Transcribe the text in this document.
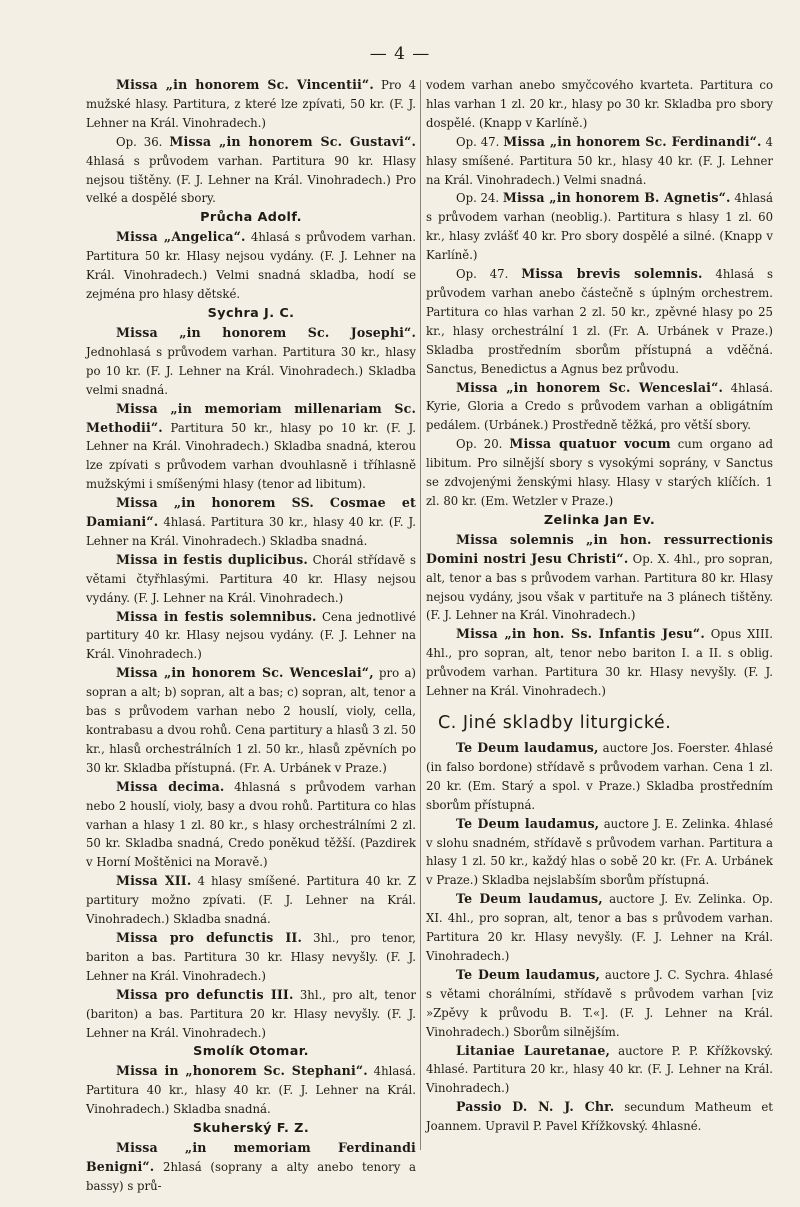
— 4 —

Missa „in honorem Sc. Vincentii“. Pro 4 mužské hlasy. Partitura, z které lze zpívati, 50 kr. (F. J. Lehner na Král. Vinohradech.)

Op. 36. Missa „in honorem Sc. Gustavi“. 4hlasá s průvodem varhan. Partitura 90 kr. Hlasy nejsou tištěny. (F. J. Lehner na Král. Vinohradech.) Pro velké a dospělé sbory.

Průcha Adolf.

Missa „Angelica“. 4hlasá s průvodem varhan. Partitura 50 kr. Hlasy nejsou vydány. (F. J. Lehner na Král. Vinohradech.) Velmi snadná skladba, hodí se zejména pro hlasy dětské.

Sychra J. C.

Missa „in honorem Sc. Josephi“. Jednohlasá s průvodem varhan. Partitura 30 kr., hlasy po 10 kr. (F. J. Lehner na Král. Vinohradech.) Skladba velmi snadná.

Missa „in memoriam millenariam Sc. Methodii“. Partitura 50 kr., hlasy po 10 kr. (F. J. Lehner na Král. Vinohradech.) Skladba snadná, kterou lze zpívati s průvodem varhan dvouhlasně i tříhlasně mužskými i smíšenými hlasy (tenor ad libitum).

Missa „in honorem SS. Cosmae et Damiani“. 4hlasá. Partitura 30 kr., hlasy 40 kr. (F. J. Lehner na Král. Vinohradech.) Skladba snadná.

Missa in festis duplicibus. Chorál střídavě s větami čtyřhlasými. Partitura 40 kr. Hlasy nejsou vydány. (F. J. Lehner na Král. Vinohradech.)

Missa in festis solemnibus. Cena jednotlivé partitury 40 kr. Hlasy nejsou vydány. (F. J. Lehner na Král. Vinohradech.)

Missa „in honorem Sc. Wenceslai“, pro a) sopran a alt; b) sopran, alt a bas; c) sopran, alt, tenor a bas s průvodem varhan nebo 2 houslí, violy, cella, kontrabasu a dvou rohů. Cena partitury a hlasů 3 zl. 50 kr., hlasů orchestrálních 1 zl. 50 kr., hlasů zpěvních po 30 kr. Skladba přístupná. (Fr. A. Urbánek v Praze.)

Missa decima. 4hlasná s průvodem varhan nebo 2 houslí, violy, basy a dvou rohů. Partitura co hlas varhan a hlasy 1 zl. 80 kr., s hlasy orchestrálními 2 zl. 50 kr. Skladba snadná, Credo poněkud těžší. (Pazdirek v Horní Moštěnici na Moravě.)

Missa XII. 4 hlasy smíšené. Partitura 40 kr. Z partitury možno zpívati. (F. J. Lehner na Král. Vinohradech.) Skladba snadná.

Missa pro defunctis II. 3hl., pro tenor, bariton a bas. Partitura 30 kr. Hlasy nevyšly. (F. J. Lehner na Král. Vinohradech.)

Missa pro defunctis III. 3hl., pro alt, tenor (bariton) a bas. Partitura 20 kr. Hlasy nevyšly. (F. J. Lehner na Král. Vinohradech.)

Smolík Otomar.

Missa in „honorem Sc. Stephani“. 4hlasá. Partitura 40 kr., hlasy 40 kr. (F. J. Lehner na Král. Vinohradech.) Skladba snadná.

Skuherský F. Z.

Missa „in memoriam Ferdinandi Benigni“. 2hlasá (soprany a alty anebo tenory a bassy) s prů-

vodem varhan anebo smyčcového kvarteta. Partitura co hlas varhan 1 zl. 20 kr., hlasy po 30 kr. Skladba pro sbory dospělé. (Knapp v Karlíně.)

Op. 47. Missa „in honorem Sc. Ferdinandi“. 4 hlasy smíšené. Partitura 50 kr., hlasy 40 kr. (F. J. Lehner na Král. Vinohradech.) Velmi snadná.

Op. 24. Missa „in honorem B. Agnetis“. 4hlasá s průvodem varhan (neoblig.). Partitura s hlasy 1 zl. 60 kr., hlasy zvlášť 40 kr. Pro sbory dospělé a silné. (Knapp v Karlíně.)

Op. 47. Missa brevis solemnis. 4hlasá s průvodem varhan anebo částečně s úplným orchestrem. Partitura co hlas varhan 2 zl. 50 kr., zpěvné hlasy po 25 kr., hlasy orchestrální 1 zl. (Fr. A. Urbánek v Praze.) Skladba prostředním sborům přístupná a vděčná. Sanctus, Benedictus a Agnus bez průvodu.

Missa „in honorem Sc. Wenceslai“. 4hlasá. Kyrie, Gloria a Credo s průvodem varhan a obligátním pedálem. (Urbánek.) Prostředně těžká, pro větší sbory.

Op. 20. Missa quatuor vocum cum organo ad libitum. Pro silnější sbory s vysokými soprány, v Sanctus se zdvojenými ženskými hlasy. Hlasy v starých klíčích. 1 zl. 80 kr. (Em. Wetzler v Praze.)

Zelinka Jan Ev.

Missa solemnis „in hon. ressurrectionis Domini nostri Jesu Christi“. Op. X. 4hl., pro sopran, alt, tenor a bas s průvodem varhan. Partitura 80 kr. Hlasy nejsou vydány, jsou však v partituře na 3 plánech tištěny. (F. J. Lehner na Král. Vinohradech.)

Missa „in hon. Ss. Infantis Jesu“. Opus XIII. 4hl., pro sopran, alt, tenor nebo bariton I. a II. s oblig. průvodem varhan. Partitura 30 kr. Hlasy nevyšly. (F. J. Lehner na Král. Vinohradech.)

C. Jiné skladby liturgické.

Te Deum laudamus, auctore Jos. Foerster. 4hlasé (in falso bordone) střídavě s průvodem varhan. Cena 1 zl. 20 kr. (Em. Starý a spol. v Praze.) Skladba prostředním sborům přístupná.

Te Deum laudamus, auctore J. E. Zelinka. 4hlasé v slohu snadném, střídavě s průvodem varhan. Partitura a hlasy 1 zl. 50 kr., každý hlas o sobě 20 kr. (Fr. A. Urbánek v Praze.) Skladba nejslabším sborům přístupná.

Te Deum laudamus, auctore J. Ev. Zelinka. Op. XI. 4hl., pro sopran, alt, tenor a bas s průvodem varhan. Partitura 20 kr. Hlasy nevyšly. (F. J. Lehner na Král. Vinohradech.)

Te Deum laudamus, auctore J. C. Sychra. 4hlasé s větami chorálními, střídavě s průvodem varhan [viz »Zpěvy k průvodu B. T.«]. (F. J. Lehner na Král. Vinohradech.) Sborům silnějším.

Litaniae Lauretanae, auctore P. P. Křížkovský. 4hlasé. Partitura 20 kr., hlasy 40 kr. (F. J. Lehner na Král. Vinohradech.)

Passio D. N. J. Chr. secundum Matheum et Joannem. Upravil P. Pavel Křížkovský. 4hlasné.
